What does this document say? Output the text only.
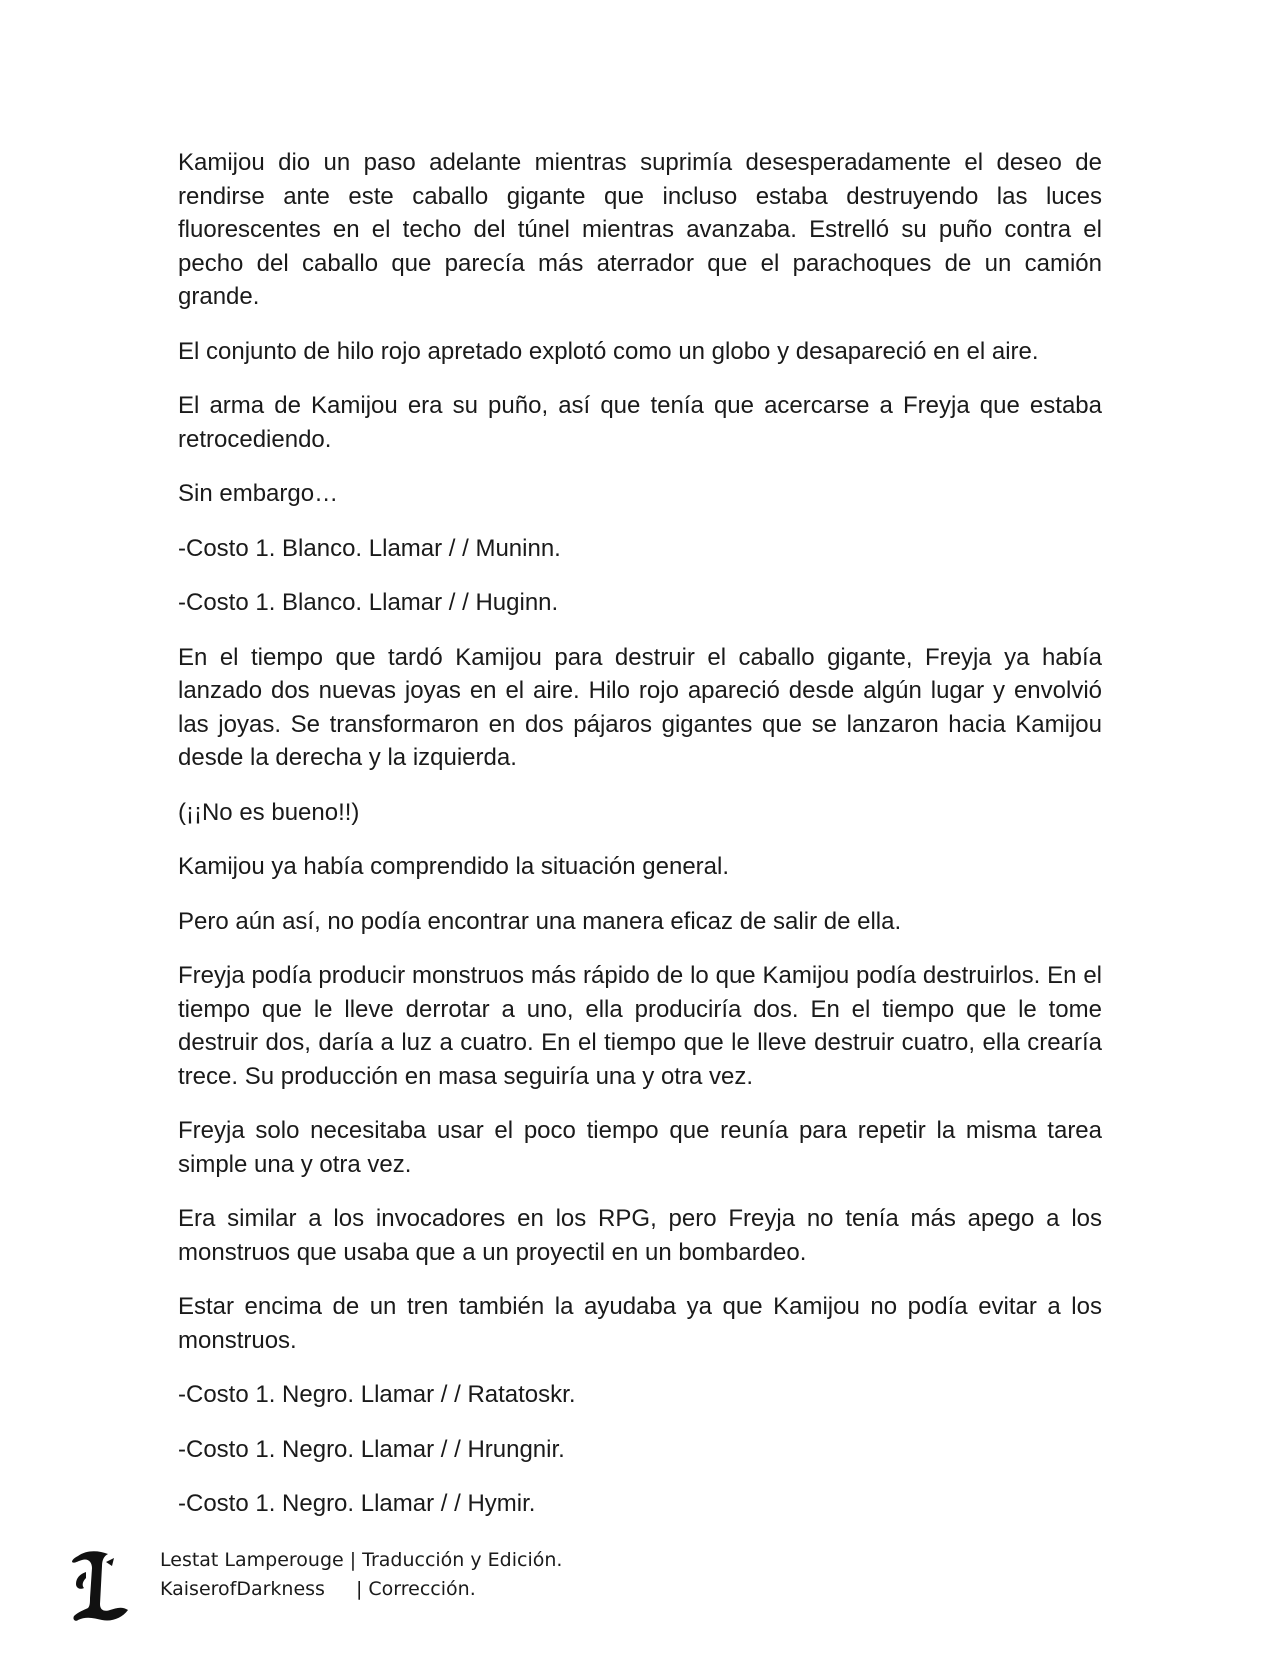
Kamijou dio un paso adelante mientras suprimía desesperadamente el deseo de rendirse ante este caballo gigante que incluso estaba destruyendo las luces fluorescentes en el techo del túnel mientras avanzaba. Estrelló su puño contra el pecho del caballo que parecía más aterrador que el parachoques de un camión grande.

El conjunto de hilo rojo apretado explotó como un globo y desapareció en el aire.

El arma de Kamijou era su puño, así que tenía que acercarse a Freyja que estaba retrocediendo.

Sin embargo…

-Costo 1. Blanco. Llamar / / Muninn.

-Costo 1. Blanco. Llamar / / Huginn.

En el tiempo que tardó Kamijou para destruir el caballo gigante, Freyja ya había lanzado dos nuevas joyas en el aire. Hilo rojo apareció desde algún lugar y envolvió las joyas. Se transformaron en dos pájaros gigantes que se lanzaron hacia Kamijou desde la derecha y la izquierda.

(¡¡No es bueno!!)

Kamijou ya había comprendido la situación general.

Pero aún así, no podía encontrar una manera eficaz de salir de ella.

Freyja podía producir monstruos más rápido de lo que Kamijou podía destruirlos. En el tiempo que le lleve derrotar a uno, ella produciría dos. En el tiempo que le tome destruir dos, daría a luz a cuatro. En el tiempo que le lleve destruir cuatro, ella crearía trece. Su producción en masa seguiría una y otra vez.

Freyja solo necesitaba usar el poco tiempo que reunía para repetir la misma tarea simple una y otra vez.

Era similar a los invocadores en los RPG, pero Freyja no tenía más apego a los monstruos que usaba que a un proyectil en un bombardeo.

Estar encima de un tren también la ayudaba ya que Kamijou no podía evitar a los monstruos.

-Costo 1. Negro. Llamar / / Ratatoskr.

-Costo 1. Negro. Llamar / / Hrungnir.

-Costo 1. Negro. Llamar / / Hymir.

Lestat Lamperouge | Traducción y Edición.
KaiserofDarkness	| Corrección.
